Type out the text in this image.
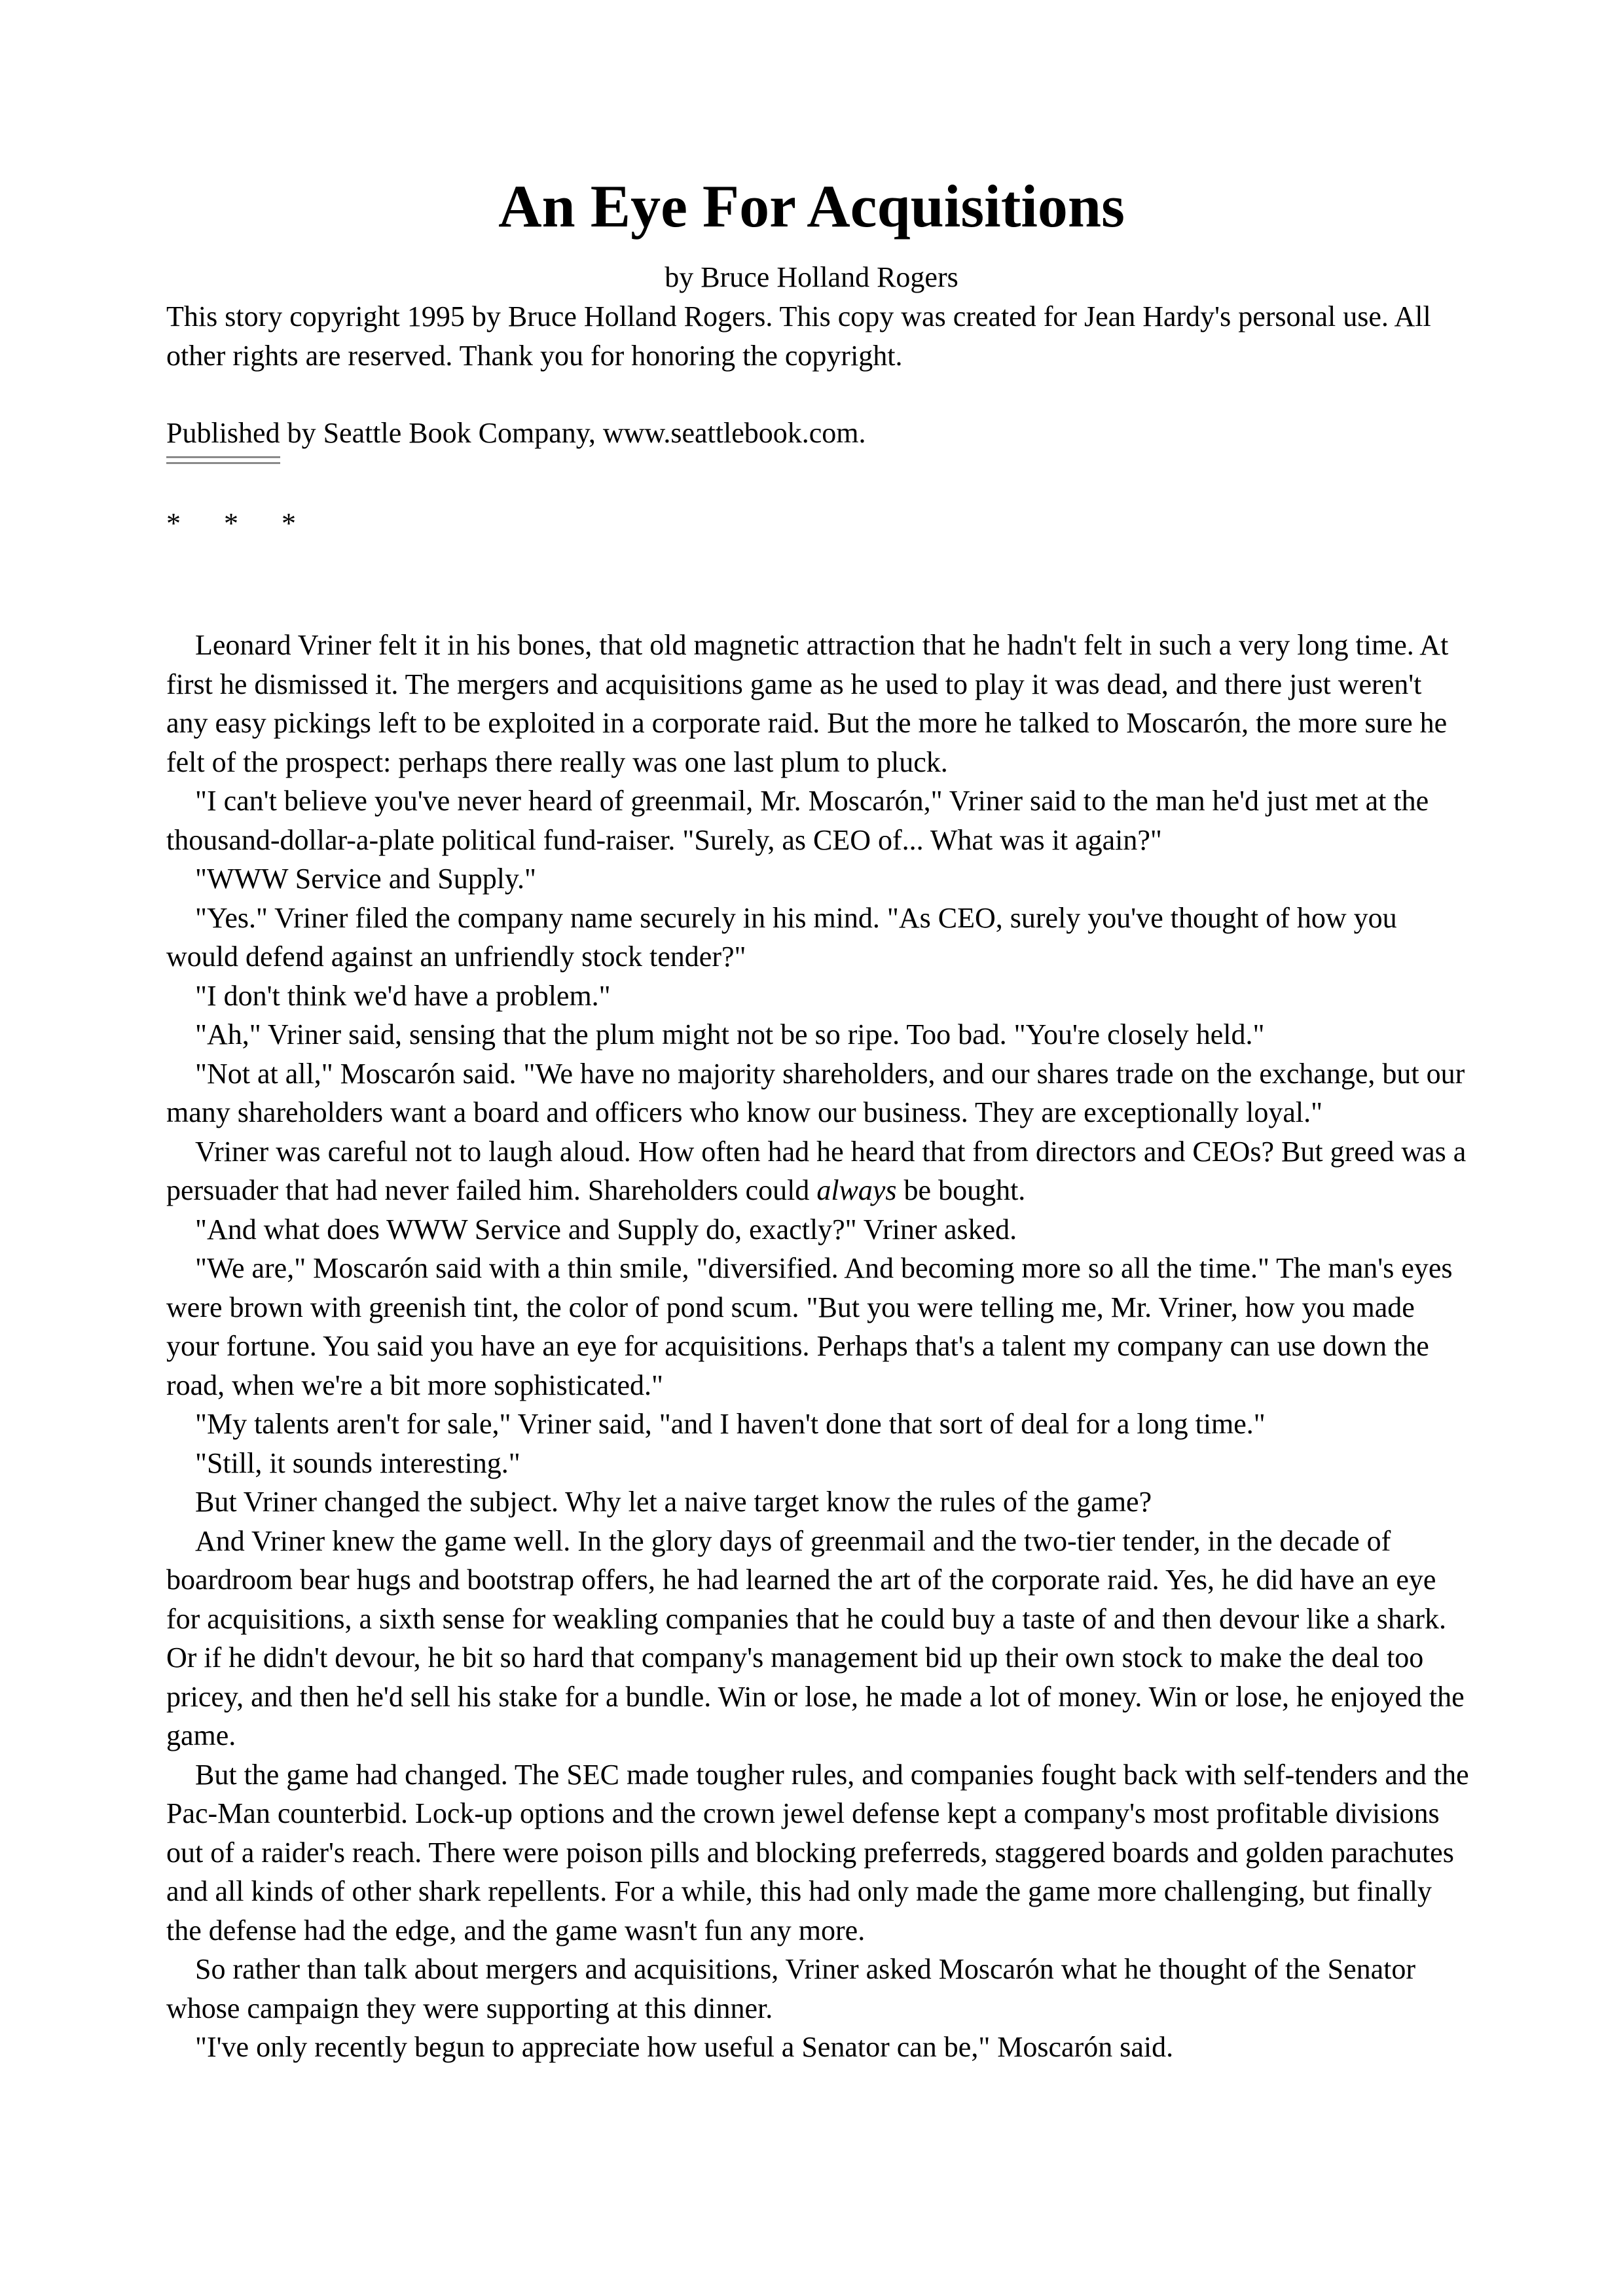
An Eye For Acquisitions
by Bruce Holland Rogers
This story copyright 1995 by Bruce Holland Rogers. This copy was created for Jean Hardy's personal use. All other rights are reserved. Thank you for honoring the copyright.
Published by Seattle Book Company, www.seattlebook.com.
*      *      *

Leonard Vriner felt it in his bones, that old magnetic attraction that he hadn't felt in such a very long time. At first he dismissed it. The mergers and acquisitions game as he used to play it was dead, and there just weren't any easy pickings left to be exploited in a corporate raid. But the more he talked to Moscarón, the more sure he felt of the prospect: perhaps there really was one last plum to pluck.

"I can't believe you've never heard of greenmail, Mr. Moscarón," Vriner said to the man he'd just met at the thousand-dollar-a-plate political fund-raiser. "Surely, as CEO of... What was it again?"

"WWW Service and Supply."

"Yes." Vriner filed the company name securely in his mind. "As CEO, surely you've thought of how you would defend against an unfriendly stock tender?"

"I don't think we'd have a problem."

"Ah," Vriner said, sensing that the plum might not be so ripe. Too bad. "You're closely held."

"Not at all," Moscarón said. "We have no majority shareholders, and our shares trade on the exchange, but our many shareholders want a board and officers who know our business. They are exceptionally loyal."

Vriner was careful not to laugh aloud. How often had he heard that from directors and CEOs? But greed was a persuader that had never failed him. Shareholders could always be bought.

"And what does WWW Service and Supply do, exactly?" Vriner asked.

"We are," Moscarón said with a thin smile, "diversified. And becoming more so all the time." The man's eyes were brown with greenish tint, the color of pond scum. "But you were telling me, Mr. Vriner, how you made your fortune. You said you have an eye for acquisitions. Perhaps that's a talent my company can use down the road, when we're a bit more sophisticated."

"My talents aren't for sale," Vriner said, "and I haven't done that sort of deal for a long time."

"Still, it sounds interesting."

But Vriner changed the subject. Why let a naive target know the rules of the game?

And Vriner knew the game well. In the glory days of greenmail and the two-tier tender, in the decade of boardroom bear hugs and bootstrap offers, he had learned the art of the corporate raid. Yes, he did have an eye for acquisitions, a sixth sense for weakling companies that he could buy a taste of and then devour like a shark. Or if he didn't devour, he bit so hard that company's management bid up their own stock to make the deal too pricey, and then he'd sell his stake for a bundle. Win or lose, he made a lot of money. Win or lose, he enjoyed the game.

But the game had changed. The SEC made tougher rules, and companies fought back with self-tenders and the Pac-Man counterbid. Lock-up options and the crown jewel defense kept a company's most profitable divisions out of a raider's reach. There were poison pills and blocking preferreds, staggered boards and golden parachutes and all kinds of other shark repellents. For a while, this had only made the game more challenging, but finally the defense had the edge, and the game wasn't fun any more.

So rather than talk about mergers and acquisitions, Vriner asked Moscarón what he thought of the Senator whose campaign they were supporting at this dinner.

"I've only recently begun to appreciate how useful a Senator can be," Moscarón said.
